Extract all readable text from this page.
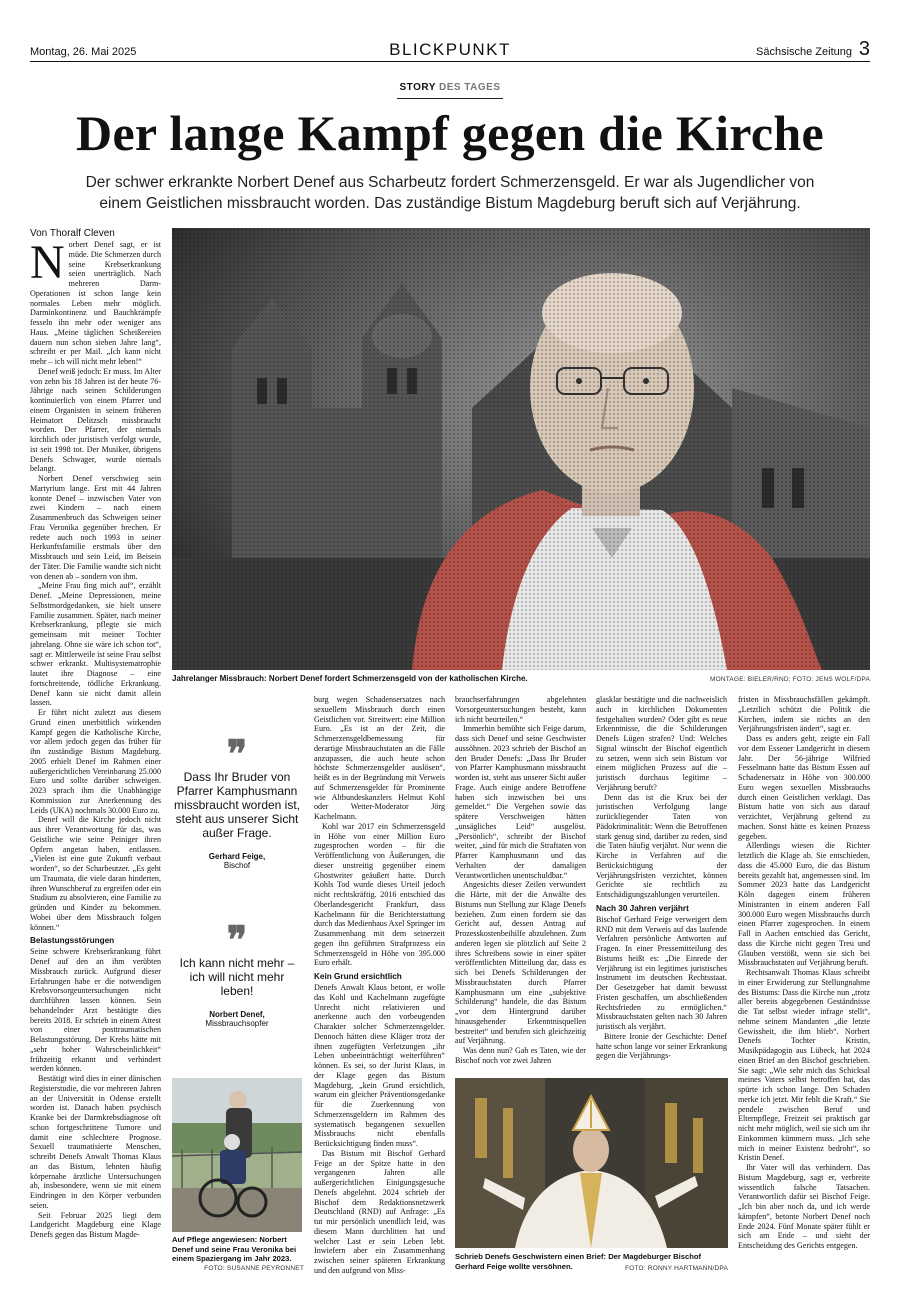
Montag, 26. Mai 2025	BLICKPUNKT	Sächsische Zeitung 3
STORY DES TAGES
Der lange Kampf gegen die Kirche
Der schwer erkrankte Norbert Denef aus Scharbeutz fordert Schmerzensgeld. Er war als Jugendlicher von einem Geistlichen missbraucht worden. Das zuständige Bistum Magdeburg beruft sich auf Verjährung.
Von Thoralf Cleven
Jahrelanger Missbrauch: Norbert Denef fordert Schmerzensgeld von der katholischen Kirche.	MONTAGE: BIELER/RND; FOTO: JENS WOLF/DPA
N orbert Denef sagt, er ist müde. Die Schmerzen durch seine Krebserkrankung seien unerträglich. Nach mehreren Darm-Operationen ist schon lange kein normales Leben mehr möglich. Darminkontinenz und Bauchkrämpfe fesseln ihn mehr oder weniger ans Haus. „Meine täglichen Scheißereien dauern nun schon sieben Jahre lang“, schreibt er per Mail. „Ich kann nicht mehr – ich will nicht mehr leben!“

Denef weiß jedoch: Er muss. Im Alter von zehn bis 18 Jahren ist der heute 76-Jährige nach seinen Schilderungen kontinuierlich von einem Pfarrer und einem Organisten in seinem früheren Heimatort Delitzsch missbraucht worden. Der Pfarrer, der niemals kirchlich oder juristisch verfolgt wurde, ist seit 1998 tot. Der Musiker, übrigens Denefs Schwager, wurde niemals belangt.

Norbert Denef verschwieg sein Martyrium lange. Erst mit 44 Jahren konnte Denef – inzwischen Vater von zwei Kindern – nach einem Zusammenbruch das Schweigen seiner Frau Veronika gegenüber brechen. Er redete auch noch 1993 in seiner Herkunftsfamilie erstmals über den Missbrauch und sein Leid, im Beisein der Täter. Die Familie wandte sich nicht von denen ab – sondern von ihm.

„Meine Frau fing mich auf“, erzählt Denef. „Meine Depressionen, meine Selbstmordgedanken, sie hielt unsere Familie zusammen. Später, nach meiner Krebserkrankung, pflegte sie mich gemeinsam mit meiner Tochter jahrelang. Ohne sie wäre ich schon tot“, sagt er. Mittlerweile ist seine Frau selbst schwer erkrankt. Multisystematrophie lautet ihre Diagnose – eine fortschreitende, tödliche Erkrankung. Denef kann sie nicht damit allein lassen.

Er führt nicht zuletzt aus diesem Grund einen unerbittlich wirkenden Kampf gegen die Katholische Kirche, vor allem jedoch gegen das früher für ihn zuständige Bistum Magdeburg. 2005 erhielt Denef im Rahmen einer außergerichtlichen Vereinbarung 25.000 Euro und sollte darüber schweigen. 2023 sprach ihm die Unabhängige Kommission zur Anerkennung des Leids (UKA) nochmals 30.000 Euro zu.

Denef will die Kirche jedoch nicht aus ihrer Verantwortung für das, was Geistliche wie seine Peiniger ihren Opfern angetan haben, entlassen. „Vielen ist eine gute Zukunft verbaut worden“, so der Scharbeutzer. „Es geht um Traumata, die viele daran hinderten, ihren Wunschberuf zu ergreifen oder ein Studium zu absolvieren, eine Familie zu gründen und Kinder zu bekommen. Wobei über dem Missbrauch folgen können.“

Belastungsstörungen

Seine schwere Krebserkrankung führt Denef auf den an ihm verübten Missbrauch zurück. Aufgrund dieser Erfahrungen habe er die notwendigen Krebsvorsorgeuntersuchungen nicht durchführen lassen können. Sein behandelnder Arzt bestätigte dies bereits 2018. Er schrieb in einem Attest von einer posttraumatischen Belastungsstörung. Der Krebs hätte mit „sehr hoher Wahrscheinlichkeit“ frühzeitig erkannt und verhindert werden können.

Bestätigt wird dies in einer dänischen Registerstudie, die vor mehreren Jahren an der Universität in Odense erstellt worden ist. Danach haben psychisch Kranke bei der Darmkrebsdiagnose oft schon fortgeschrittene Tumore und damit eine schlechtere Prognose. Sexuell traumatisierte Menschen, schreibt Denefs Anwalt Thomas Klaus an das Bistum, lehnten häufig körpernahe ärztliche Untersuchungen ab, insbesondere, wenn sie mit einem Eindringen in den Körper verbunden seien.

Seit Februar 2025 liegt dem Landgericht Magdeburg eine Klage Denefs gegen das Bistum Magde-

❞
Dass Ihr Bruder von Pfarrer Kamphusmann missbraucht worden ist, steht aus unserer Sicht außer Frage.
Gerhard Feige,
Bischof
❞
Ich kann nicht mehr – ich will nicht mehr leben!
Norbert Denef,
Missbrauchsopfer
Auf Pflege angewiesen: Norbert Denef und seine Frau Veronika bei einem Spaziergang im Jahr 2023.
FOTO: SUSANNE PEYRONNET

burg wegen Schadensersatzes nach sexuellem Missbrauch durch einen Geistlichen vor. Streitwert: eine Million Euro. „Es ist an der Zeit, die Schmerzensgeldbemessung für derartige Missbrauchstaten an die Fälle anzupassen, die auch heute schon höchste Schmerzensgelder auslösen“, heißt es in der Begründung mit Verweis auf Schmerzensgelder für Prominente wie Altbundeskanzlers Helmut Kohl oder Wetter-Moderator Jörg Kachelmann.

Kohl war 2017 ein Schmerzensgeld in Höhe von einer Million Euro zugesprochen worden – für die Veröffentlichung von Äußerungen, die dieser unstreitig gegenüber einem Ghostwriter geäußert hatte. Durch Kohls Tod wurde dieses Urteil jedoch nicht rechtskräftig. 2016 entschied das Oberlandesgericht Frankfurt, dass Kachelmann für die Berichterstattung durch das Medienhaus Axel Springer im Zusammenhang mit dem seinerzeit gegen ihn geführten Strafprozess ein Schmerzensgeld in Höhe von 395.000 Euro erhält.

Kein Grund ersichtlich

Denefs Anwalt Klaus betont, er wolle das Kohl und Kachelmann zugefügte Unrecht nicht relativieren und anerkenne auch den vorbeugenden Charakter solcher Schmerzensgelder. Dennoch hätten diese Kläger trotz der ihnen zugefügten Verletzungen „ihr Leben unbeeinträchtigt weiterführen“ können. Es sei, so der Jurist Klaus, in der Klage gegen das Bistum Magdeburg, „kein Grund ersichtlich, warum ein gleicher Präventionsgedanke für die Zuerkennung von Schmerzensgeldern im Rahmen des systematisch begangenen sexuellen Missbrauchs nicht ebenfalls Berücksichtigung finden muss“.

Das Bistum mit Bischof Gerhard Feige an der Spitze hatte in den vergangenen Jahren alle außergerichtlichen Einigungsgesuche Denefs abgelehnt. 2024 schrieb der Bischof dem Redaktionsnetzwerk Deutschland (RND) auf Anfrage: „Es tut mir persönlich unendlich leid, was diesem Mann durchlitten hat und welcher Last er sein Leben lebt. Inwiefern aber ein Zusammenhang zwischen seiner späteren Erkrankung und den aufgrund von Miss-

brauchserfahrungen abgelehnten Vorsorgeuntersuchungen besteht, kann ich nicht beurteilen.“

Immerhin bemühte sich Feige darum, dass sich Denef und seine Geschwister aussöhnen. 2023 schrieb der Bischof an den Bruder Denefs: „Dass Ihr Bruder von Pfarrer Kamphusmann missbraucht worden ist, steht aus unserer Sicht außer Frage. Auch einige andere Betroffene haben sich inzwischen bei uns gemeldet.“ Die Vergehen sowie das spätere Verschweigen hätten „unsägliches Leid“ ausgelöst. „Persönlich“, schreibt der Bischof weiter, „sind für mich die Straftaten von Pfarrer Kamphusmann und das Verhalten der damaligen Verantwortlichen unentschuldbar.“

Angesichts dieser Zeilen verwundert die Härte, mit der die Anwälte des Bistums nun Stellung zur Klage Denefs beziehen. Zum einen fordern sie das Gericht auf, dessen Antrag auf Prozesskostenbeihilfe abzulehnen. Zum anderen legen sie plötzlich auf Seite 2 ihres Schreibens sowie in einer später veröffentlichten Mitteilung dar, dass es sich bei Denefs Schilderungen der Missbrauchstaten durch Pfarrer Kamphusmann um eine „subjektive Schilderung“ handele, die das Bistum „vor dem Hintergrund darüber hinausgehender Erkenntnisquellen bestreitet“ und berufen sich gleichzeitig auf Verjährung.

Was denn nun? Gab es Taten, wie der Bischof noch vor zwei Jahren

glasklar bestätigte und die nachweislich auch in kirchlichen Dokumenten festgehalten wurden? Oder gibt es neue Erkenntnisse, die die Schilderungen Denefs Lügen strafen? Und: Welches Signal wünscht der Bischof eigentlich zu setzen, wenn sich sein Bistum vor einem möglichen Prozess auf die – juristisch durchaus legitime – Verjährung beruft?

Denn das ist die Krux bei der juristischen Verfolgung lange zurückliegender Taten von Pädokriminalität: Wenn die Betroffenen stark genug sind, darüber zu reden, sind die Taten häufig verjährt. Nur wenn die Kirche in Verfahren auf die Berücksichtigung der Verjährungsfristen verzichtet, können Gerichte sie rechtlich zu Entschädigungszahlungen verurteilen.

Nach 30 Jahren verjährt

Bischof Gerhard Feige verweigert dem RND mit dem Verweis auf das laufende Verfahren persönliche Antworten auf Fragen. In einer Pressemitteilung des Bistums heißt es: „Die Einrede der Verjährung ist ein legitimes juristisches Instrument im deutschen Rechtsstaat. Der Gesetzgeber hat damit bewusst Fristen geschaffen, um abschließenden Rechtsfrieden zu ermöglichen.“ Missbrauchstaten gelten nach 30 Jahren juristisch als verjährt.

Bittere Ironie der Geschichte: Denef hatte schon lange vor seiner Erkrankung gegen die Verjährungs-

Schrieb Denefs Geschwistern einen Brief: Der Magdeburger Bischof Gerhard Feige wollte versöhnen.	FOTO: RONNY HARTMANN/DPA

fristen in Missbrauchsfällen gekämpft. „Letztlich schützt die Politik die Kirchen, indem sie nichts an den Verjährungsfristen ändert“, sagt er.

Dass es anders geht, zeigte ein Fall vor dem Essener Landgericht in diesem Jahr. Der 56-jährige Wilfried Fesselmann hatte das Bistum Essen auf Schadenersatz in Höhe von 300.000 Euro wegen sexuellen Missbrauchs durch einen Geistlichen verklagt. Das Bistum hatte von sich aus darauf verzichtet, Verjährung geltend zu machen. Sonst hätte es keinen Prozess gegeben.

Allerdings wiesen die Richter letztlich die Klage ab. Sie entschieden, dass die 45.000 Euro, die das Bistum bereits gezahlt hat, angemessen sind. Im Sommer 2023 hatte das Landgericht Köln dagegen einem früheren Ministranten in einem anderen Fall 300.000 Euro wegen Missbrauchs durch einen Pfarrer zugesprochen. In einem Fall in Aachen entschied das Gericht, dass die Kirche nicht gegen Treu und Glauben verstößt, wenn sie sich bei Missbrauchstaten auf Verjährung beruft.

Rechtsanwalt Thomas Klaus schreibt in einer Erwiderung zur Stellungnahme des Bistums: Dass die Kirche nun „trotz aller bereits abgegebenen Geständnisse die Tat selbst wieder infrage stellt“, nehme seinem Mandanten „die letzte Gewissheit, die ihm blieb“. Norbert Denefs Tochter Kristin, Musikpädagogin aus Lübeck, hat 2024 einen Brief an den Bischof geschrieben. Sie sagt: „Wie sehr mich das Schicksal meines Vaters selbst betroffen hat, das spürte ich schon lange. Den Schaden merke ich jetzt. Mir fehlt die Kraft.“ Sie pendele zwischen Beruf und Elternpflege, Freizeit sei praktisch gar nicht mehr möglich, weil sie sich um ihr Einkommen kümmern muss. „Ich sehe mich in meiner Existenz bedroht“, so Kristin Denef.

Ihr Vater will das verhindern. Das Bistum Magdeburg, sagt er, verbreite wissentlich falsche Tatsachen. Verantwortlich dafür sei Bischof Feige. „Ich bin aber noch da, und ich werde kämpfen“, betonte Norbert Denef noch Ende 2024. Fünf Monate später fühlt er sich am Ende – und sieht der Entscheidung des Gerichts entgegen.
